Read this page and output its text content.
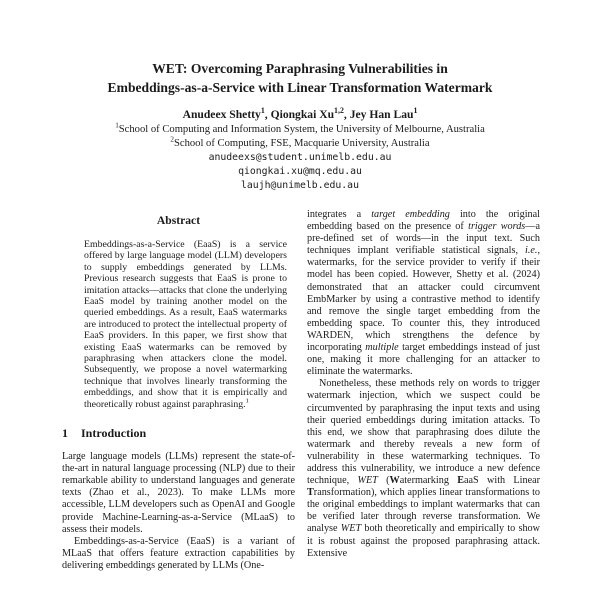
WET: Overcoming Paraphrasing Vulnerabilities in
Embeddings-as-a-Service with Linear Transformation Watermark
Anudeex Shetty$^1$, Qiongkai Xu$^{1,2}$, Jey Han Lau$^1$
$^1$School of Computing and Information System, the University of Melbourne, Australia
$^2$School of Computing, FSE, Macquarie University, Australia
anudeexs@student.unimelb.edu.au
qiongkai.xu@mq.edu.au
laujh@unimelb.edu.au
Abstract

Embeddings-as-a-Service (EaaS) is a service offered by large language model (LLM) developers to supply embeddings generated by LLMs. Previous research suggests that EaaS is prone to imitation attacks—attacks that clone the underlying EaaS model by training another model on the queried embeddings. As a result, EaaS watermarks are introduced to protect the intellectual property of EaaS providers. In this paper, we first show that existing EaaS watermarks can be removed by paraphrasing when attackers clone the model. Subsequently, we propose a novel watermarking technique that involves linearly transforming the embeddings, and show that it is empirically and theoretically robust against paraphrasing.$^1$

1 Introduction

Large language models (LLMs) represent the state-of-the-art in natural language processing (NLP) due to their remarkable ability to understand languages and generate texts (Zhao et al., 2023). To make LLMs more accessible, LLM developers such as OpenAI and Google provide Machine-Learning-as-a-Service (MLaaS) to assess their models.

Embeddings-as-a-Service (EaaS) is a variant of MLaaS that offers feature extraction capabilities by delivering embeddings generated by LLMs (One-

integrates a target embedding into the original embedding based on the presence of trigger words—a pre-defined set of words—in the input text. Such techniques implant verifiable statistical signals, i.e., watermarks, for the service provider to verify if their model has been copied. However, Shetty et al. (2024) demonstrated that an attacker could circumvent EmbMarker by using a contrastive method to identify and remove the single target embedding from the embedding space. To counter this, they introduced WARDEN, which strengthens the defence by incorporating multiple target embeddings instead of just one, making it more challenging for an attacker to eliminate the watermarks.

Nonetheless, these methods rely on words to trigger watermark injection, which we suspect could be circumvented by paraphrasing the input texts and using their queried embeddings during imitation attacks. To this end, we show that paraphrasing does dilute the watermark and thereby reveals a new form of vulnerability in these watermarking techniques. To address this vulnerability, we introduce a new defence technique, WET (Watermarking EaaS with Linear Transformation), which applies linear transformations to the original embeddings to implant watermarks that can be verified later through reverse transformation. We analyse WET both theoretically and empirically to show it is robust against the proposed paraphrasing attack. Extensive
